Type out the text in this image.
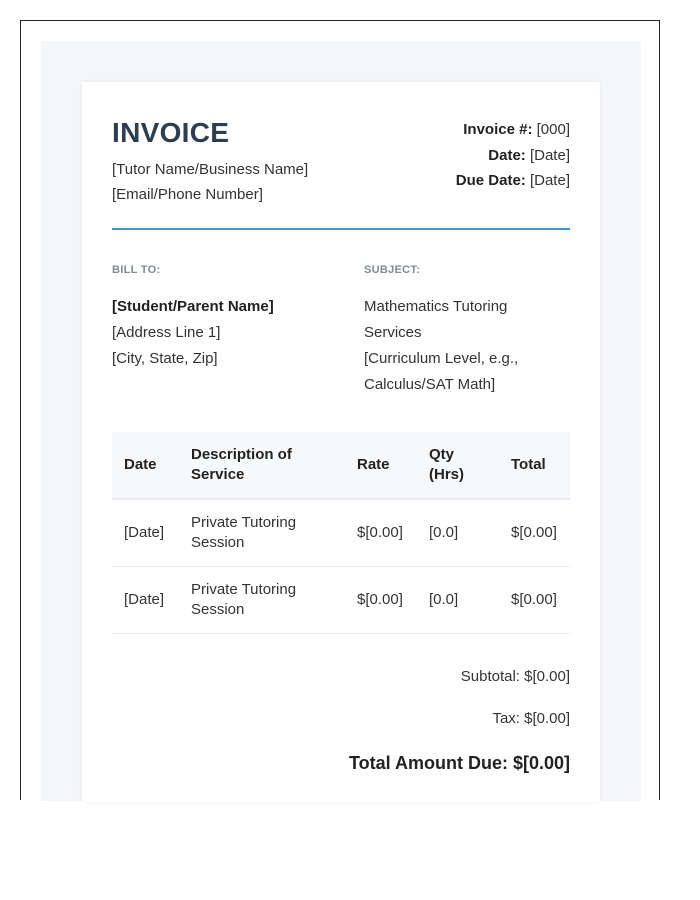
INVOICE
[Tutor Name/Business Name]
[Email/Phone Number]
Invoice #: [000]
Date: [Date]
Due Date: [Date]
BILL TO:
[Student/Parent Name]
[Address Line 1]
[City, State, Zip]
SUBJECT:
Mathematics Tutoring
Services
[Curriculum Level, e.g.,
Calculus/SAT Math]
Date	Description of Service	Rate	Qty (Hrs)	Total
[Date]	Private Tutoring Session	$[0.00]	[0.0]	$[0.00]
[Date]	Private Tutoring Session	$[0.00]	[0.0]	$[0.00]
Subtotal: $[0.00]
Tax: $[0.00]
Total Amount Due: $[0.00]
